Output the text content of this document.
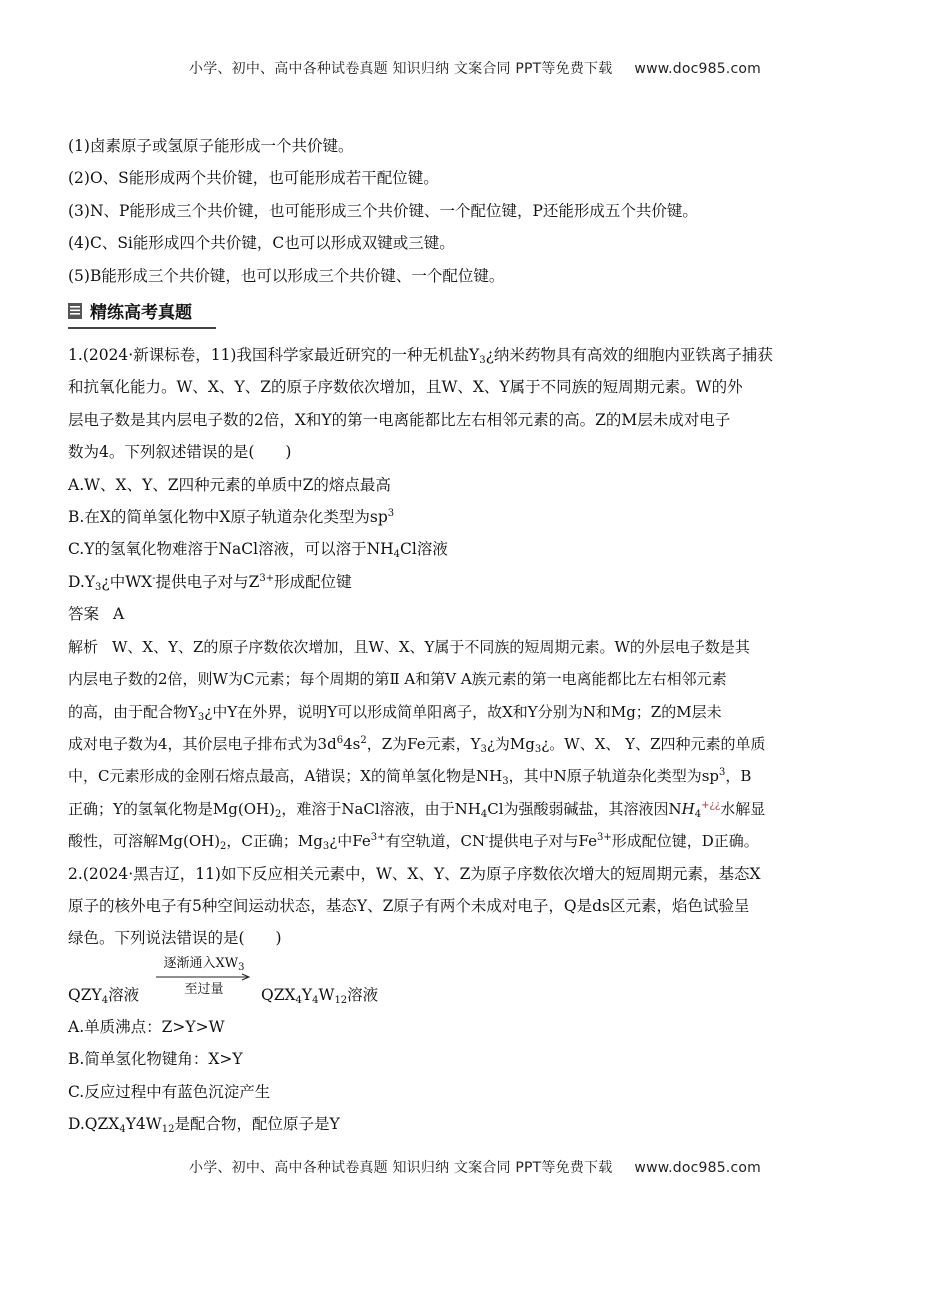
小学、初中、高中各种试卷真题 知识归纳 文案合同 PPT等免费下载 www.doc985.com
(1)卤素原子或氢原子能形成一个共价键。
(2)O、S能形成两个共价键，也可能形成若干配位键。
(3)N、P能形成三个共价键，也可能形成三个共价键、一个配位键，P还能形成五个共价键。
(4)C、Si能形成四个共价键，C也可以形成双键或三键。
(5)B能形成三个共价键，也可以形成三个共价键、一个配位键。
精练高考真题
1.(2024·新课标卷，11)我国科学家最近研究的一种无机盐$Y_3¿$纳米药物具有高效的细胞内亚铁离子捕获
和抗氧化能力。W、X、Y、Z的原子序数依次增加，且W、X、Y属于不同族的短周期元素。W的外
层电子数是其内层电子数的2倍，X和Y的第一电离能都比左右相邻元素的高。Z的M层未成对电子
数为4。下列叙述错误的是(　　)
A.W、X、Y、Z四种元素的单质中Z的熔点最高
B.在X的简单氢化物中X原子轨道杂化类型为$sp^3$
C.Y的氢氧化物难溶于NaCl溶液，可以溶于$NH_4Cl$溶液
$D.Y_3¿$中WX-提供电子对与$Z^{3+}$形成配位键
答案 A
解析 W、X、Y、Z的原子序数依次增加，且W、X、Y属于不同族的短周期元素。W的外层电子数是其
内层电子数的2倍，则W为C元素；每个周期的第Ⅱ A和第Ⅴ A族元素的第一电离能都比左右相邻元素
的高，由于配合物$Y_3¿$中Y在外界，说明Y可以形成简单阳离子，故X和Y分别为N和Mg；Z的M层未
成对电子数为4，其价层电子排布式为$3d^64s^2$，Z为Fe元素，$Y_3¿$为$Mg_3¿$。W、X、 Y、Z四种元素的单质
中，C元素形成的金刚石熔点最高，A错误；X的简单氢化物是$NH_3$，其中N原子轨道杂化类型为$sp^3$，B
正确；Y的氢氧化物是$Mg(OH)_2$，难溶于NaCl溶液，由于$NH_4Cl$为强酸弱碱盐，其溶液因$NH_4^{+¿¿}$水解显
酸性，可溶解$Mg(OH)_2$，C正确；$Mg_3¿$中$Fe^{3+}$有空轨道，CN-提供电子对与$Fe^{3+}$形成配位键，D正确。
2.(2024·黑吉辽，11)如下反应相关元素中，W、X、Y、Z为原子序数依次增大的短周期元素，基态X
原子的核外电子有5种空间运动状态，基态Y、Z原子有两个未成对电子，Q是ds区元素，焰色试验呈
绿色。下列说法错误的是(　　)
$QZY_4$溶液
逐渐通入$XW_3$
至过量	$QZX_4Y_4W_{12}$溶液
A.单质沸点：Z>Y>W
B.简单氢化物键角：X>Y
C.反应过程中有蓝色沉淀产生
$D.QZX_4Y4W_{12}$是配合物，配位原子是Y
小学、初中、高中各种试卷真题 知识归纳 文案合同 PPT等免费下载 www.doc985.com
